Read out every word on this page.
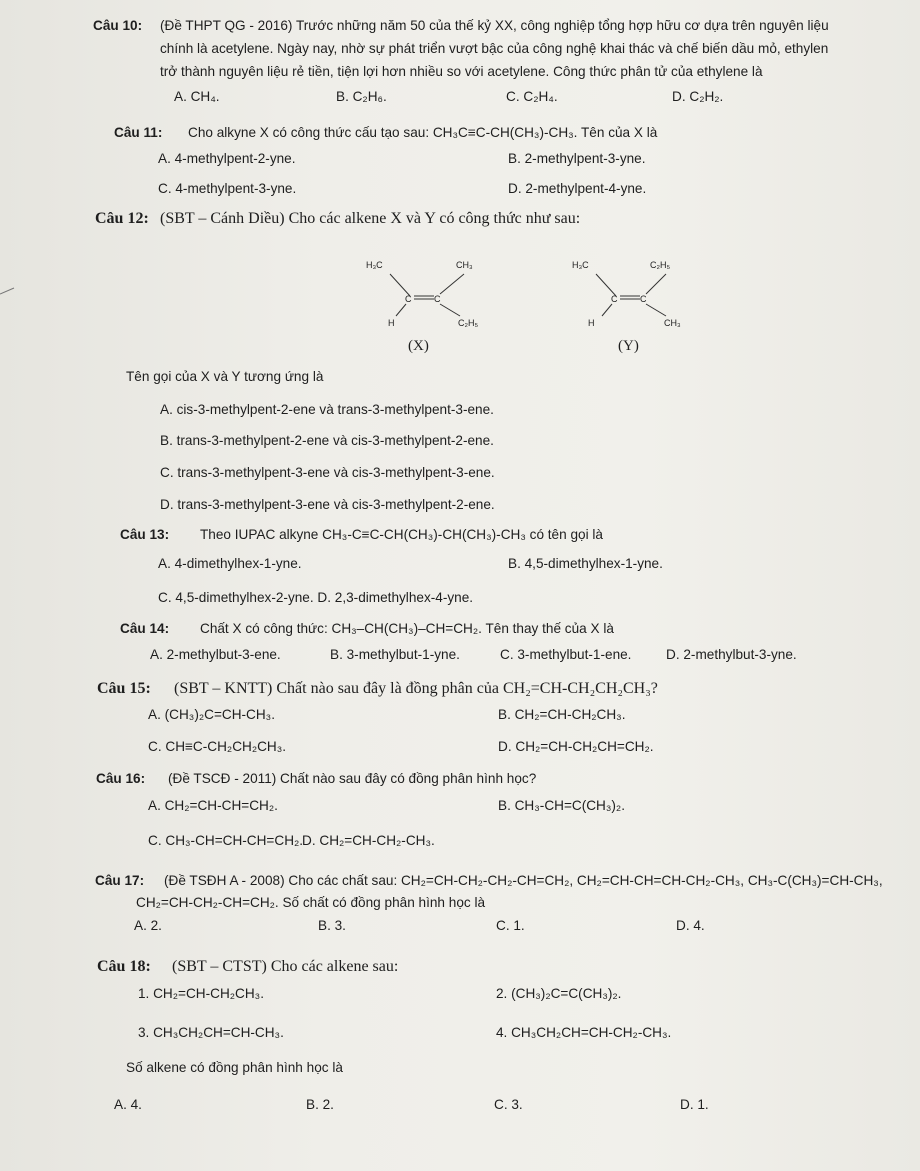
Câu 10: (Đề THPT QG - 2016) Trước những năm 50 của thế kỷ XX, công nghiệp tổng hợp hữu cơ dựa trên nguyên liệu
chính là acetylene. Ngày nay, nhờ sự phát triển vượt bậc của công nghệ khai thác và chế biến dầu mỏ, ethylen
trở thành nguyên liệu rẻ tiền, tiện lợi hơn nhiều so với acetylene. Công thức phân tử của ethylene là
A. CH₄.	B. C₂H₆.	C. C₂H₄.	D. C₂H₂.
Câu 11: Cho alkyne X có công thức cấu tạo sau: CH₃C≡C-CH(CH₃)-CH₃. Tên của X là
A. 4-methylpent-2-yne.	B. 2-methylpent-3-yne.
C. 4-methylpent-3-yne.	D. 2-methylpent-4-yne.
Câu 12: (SBT – Cánh Diều) Cho các alkene X và Y có công thức như sau:
H₃C	CH₃
C	C
H	C₂H₅
(X)
H₃C	C₂H₅
C	C
H	CH₃
(Y)
Tên gọi của X và Y tương ứng là
A. cis-3-methylpent-2-ene và trans-3-methylpent-3-ene.
B. trans-3-methylpent-2-ene và cis-3-methylpent-2-ene.
C. trans-3-methylpent-3-ene và cis-3-methylpent-3-ene.
D. trans-3-methylpent-3-ene và cis-3-methylpent-2-ene.
Câu 13: Theo IUPAC alkyne CH₃-C≡C-CH(CH₃)-CH(CH₃)-CH₃ có tên gọi là
A. 4-dimethylhex-1-yne.	B. 4,5-dimethylhex-1-yne.
C. 4,5-dimethylhex-2-yne. D. 2,3-dimethylhex-4-yne.
Câu 14: Chất X có công thức: CH₃–CH(CH₃)–CH=CH₂. Tên thay thế của X là
A. 2-methylbut-3-ene.	B. 3-methylbut-1-yne.	C. 3-methylbut-1-ene.	D. 2-methylbut-3-yne.
Câu 15: (SBT – KNTT) Chất nào sau đây là đồng phân của CH₂=CH-CH₂CH₂CH₃?
A. (CH₃)₂C=CH-CH₃.	B. CH₂=CH-CH₂CH₃.
C. CH≡C-CH₂CH₂CH₃.	D. CH₂=CH-CH₂CH=CH₂.
Câu 16: (Đề TSCĐ - 2011) Chất nào sau đây có đồng phân hình học?
A. CH₂=CH-CH=CH₂.	B. CH₃-CH=C(CH₃)₂.
C. CH₃-CH=CH-CH=CH₂.
D. CH₂=CH-CH₂-CH₃.
Câu 17: (Đề TSĐH A - 2008) Cho các chất sau: CH₂=CH-CH₂-CH₂-CH=CH₂, CH₂=CH-CH=CH-CH₂-CH₃, CH₃-C(CH₃)=CH-CH₃,
CH₂=CH-CH₂-CH=CH₂. Số chất có đồng phân hình học là
A. 2.	B. 3.	C. 1.	D. 4.
Câu 18: (SBT – CTST) Cho các alkene sau:
1. CH₂=CH-CH₂CH₃.	2. (CH₃)₂C=C(CH₃)₂.
3. CH₃CH₂CH=CH-CH₃.	4. CH₃CH₂CH=CH-CH₂-CH₃.
Số alkene có đồng phân hình học là
A. 4.	B. 2.	C. 3.	D. 1.
